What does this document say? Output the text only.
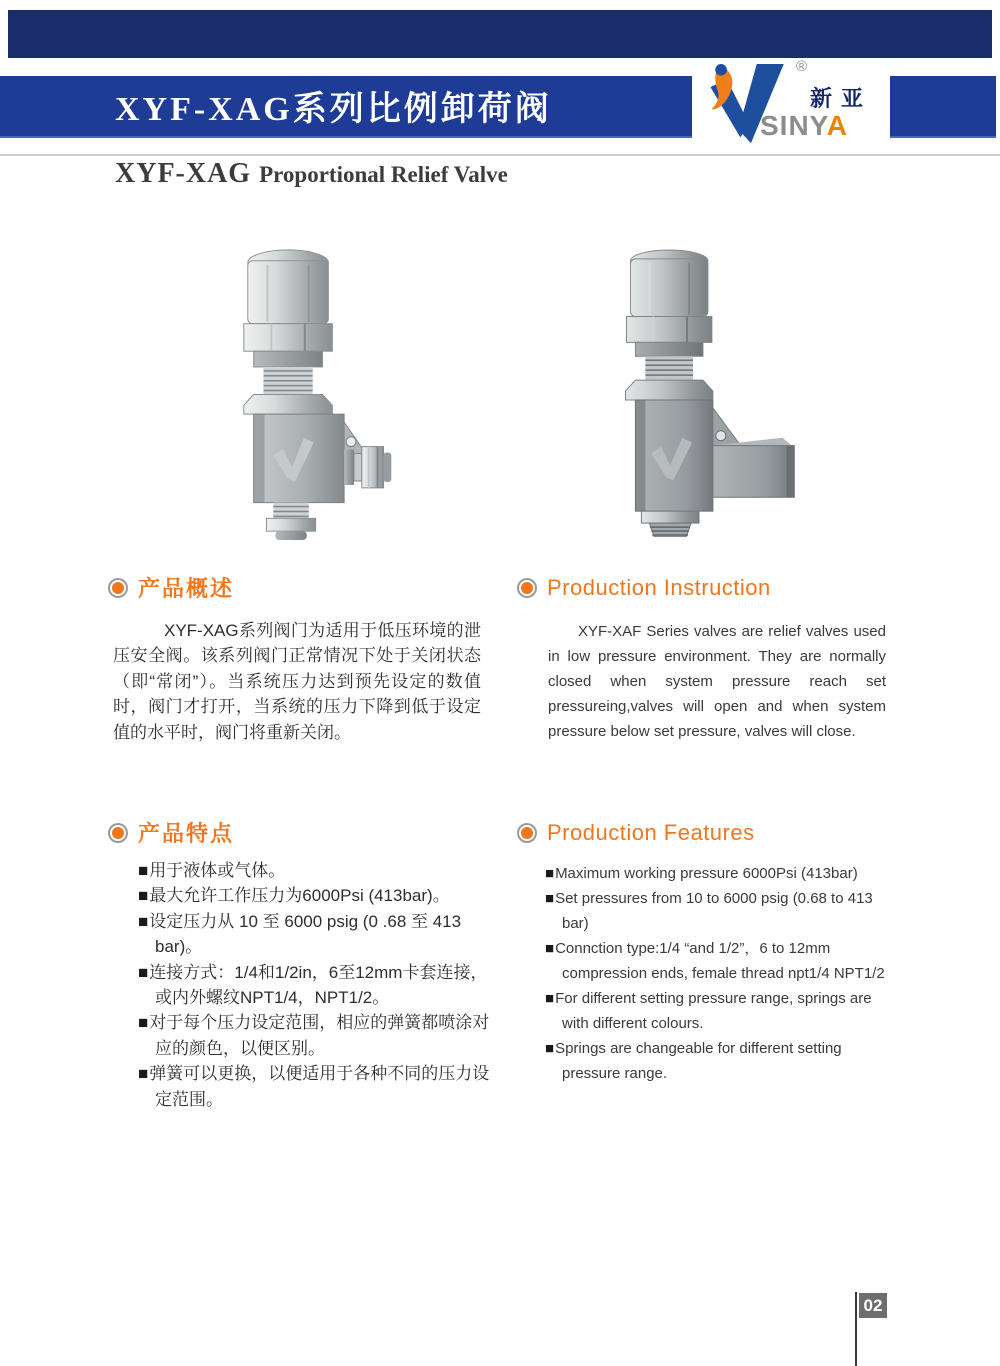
XYF-XAG系列比例卸荷阀
®
新亚
SINYA
XYF-XAG Proportional Relief Valve
产品概述	Production Instruction
产品特点	Production Features

XYF-XAG系列阀门为适用于低压环境的泄压安全阀。该系列阀门正常情况下处于关闭状态（即“常闭”）。当系统压力达到预先设定的数值时，阀门才打开，当系统的压力下降到低于设定值的水平时，阀门将重新关闭。

XYF-XAF Series valves are relief valves used in low pressure environment. They are normally closed when system pressure reach set pressureing,valves will open and when system pressure below set pressure, valves will close.

■用于液体或气体。
■最大允许工作压力为6000Psi (413bar)。
■设定压力从 10 至 6000 psig (0 .68 至 413 bar)。
■连接方式：1/4和1/2in，6至12mm卡套连接，或内外螺纹NPT1/4，NPT1/2。
■对于每个压力设定范围，相应的弹簧都喷涂对应的颜色，以便区别。
■弹簧可以更换，以便适用于各种不同的压力设定范围。
■Maximum working pressure 6000Psi (413bar)
■Set pressures from 10 to 6000 psig (0.68 to 413 bar)
■Connction type:1/4 “and 1/2”，6 to 12mm compression ends, female thread npt1/4 NPT1/2
■For different setting pressure range, springs are with different colours.
■Springs are changeable for different setting pressure range.
02
